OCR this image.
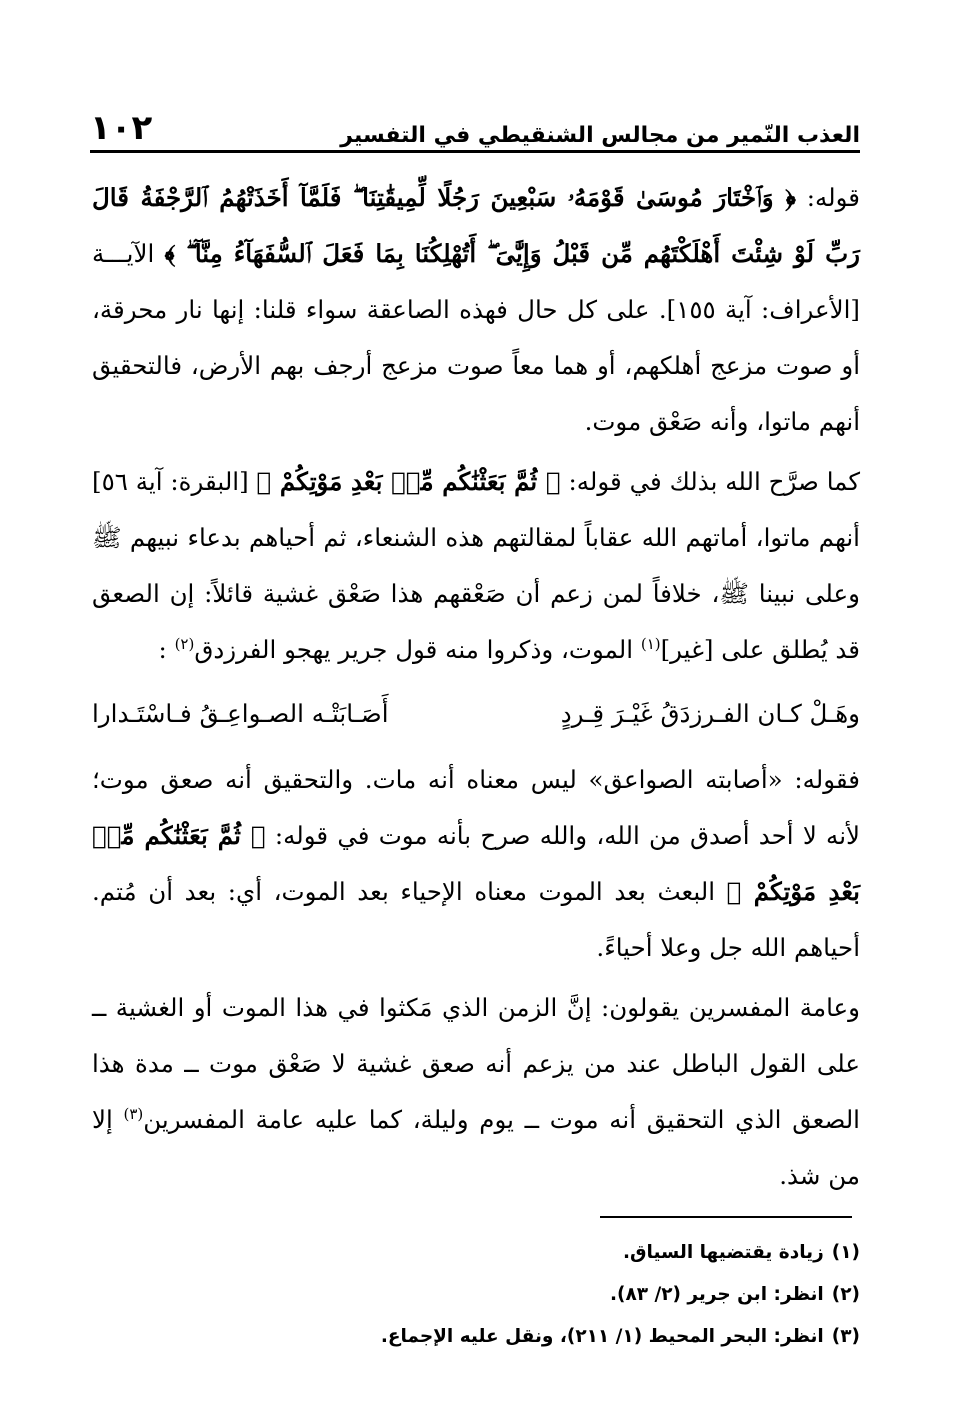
العذب النّمير من مجالس الشنقيطي في التفسير
١٠٢

قوله: ﴿ وَٱخْتَارَ مُوسَىٰ قَوْمَهُۥ سَبْعِينَ رَجُلًا لِّمِيقَٰتِنَا ۖ فَلَمَّآ أَخَذَتْهُمُ ٱلرَّجْفَةُ قَالَ رَبِّ لَوْ شِئْتَ أَهْلَكْتَهُم مِّن قَبْلُ وَإِيَّٰىَ ۖ أَتُهْلِكُنَا بِمَا فَعَلَ ٱلسُّفَهَآءُ مِنَّآ ۖ ﴾ الآيـــة [الأعراف: آية ١٥٥]. على كل حال فهذه الصاعقة سواء قلنا: إنها نار محرقة، أو صوت مزعج أهلكهم، أو هما معاً صوت مزعج أرجف بهم الأرض، فالتحقيق أنهم ماتوا، وأنه صَعْق موت.

كما صرَّح الله بذلك في قوله: ﴿ ثُمَّ بَعَثْنَٰكُم مِّنۢ بَعْدِ مَوْتِكُمْ ﴾ [البقرة: آية ٥٦] أنهم ماتوا، أماتهم الله عقاباً لمقالتهم هذه الشنعاء، ثم أحياهم بدعاء نبيهم ﷺ وعلى نبينا ﷺ، خلافاً لمن زعم أن صَعْقهم هذا صَعْق غشية قائلاً: إن الصعق قد يُطلق على [غير]$^{(١)}$ الموت، وذكروا منه قول جرير يهجو الفرزدق$^{(٢)}$ :

وهَـلْ كـان الفـرزدَقُ غَيْـرَ قِـردٍ
أَصَـابَتْـه الصـواعِـقُ فـاسْتَـدارا

فقوله: «أصابته الصواعق» ليس معناه أنه مات. والتحقيق أنه صعق موت؛ لأنه لا أحد أصدق من الله، والله صرح بأنه موت في قوله: ﴿ ثُمَّ بَعَثْنَٰكُم مِّنۢ بَعْدِ مَوْتِكُمْ ﴾ البعث بعد الموت معناه الإحياء بعد الموت، أي: بعد أن مُتم. أحياهم الله جل وعلا أحياءً.

وعامة المفسرين يقولون: إنَّ الزمن الذي مَكثوا في هذا الموت أو الغشية ــ على القول الباطل عند من يزعم أنه صعق غشية لا صَعْق موت ــ مدة هذا الصعق الذي التحقيق أنه موت ــ يوم وليلة، كما عليه عامة المفسرين$^{(٣)}$ إلا من شذ.

(١)زيادة يقتضيها السياق.
(٢)انظر: ابن جرير (٢/ ٨٣).
(٣)انظر: البحر المحيط (١/ ٢١١)، ونقل عليه الإجماع.
